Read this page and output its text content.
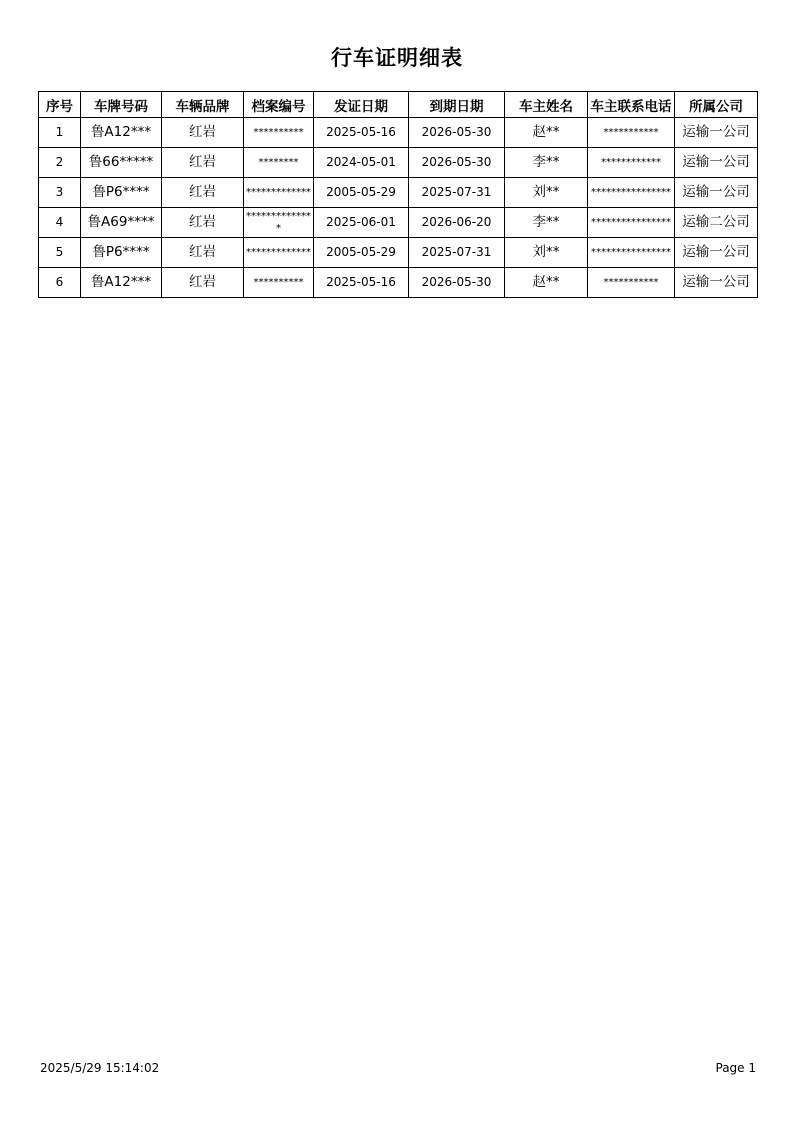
行车证明细表
序号	车牌号码	车辆品牌	档案编号	发证日期	到期日期	车主姓名	车主联系电话	所属公司
1	鲁A12***	红岩	**********	2025-05-16	2026-05-30	赵**	***********	运输一公司
2	鲁66*****	红岩	********	2024-05-01	2026-05-30	李**	************	运输一公司
3	鲁P6****	红岩	*************	2005-05-29	2025-07-31	刘**	****************	运输一公司
4	鲁A69****	红岩	**************	2025-06-01	2026-06-20	李**	****************	运输二公司
5	鲁P6****	红岩	*************	2005-05-29	2025-07-31	刘**	****************	运输一公司
6	鲁A12***	红岩	**********	2025-05-16	2026-05-30	赵**	***********	运输一公司
2025/5/29 15:14:02	Page 1
